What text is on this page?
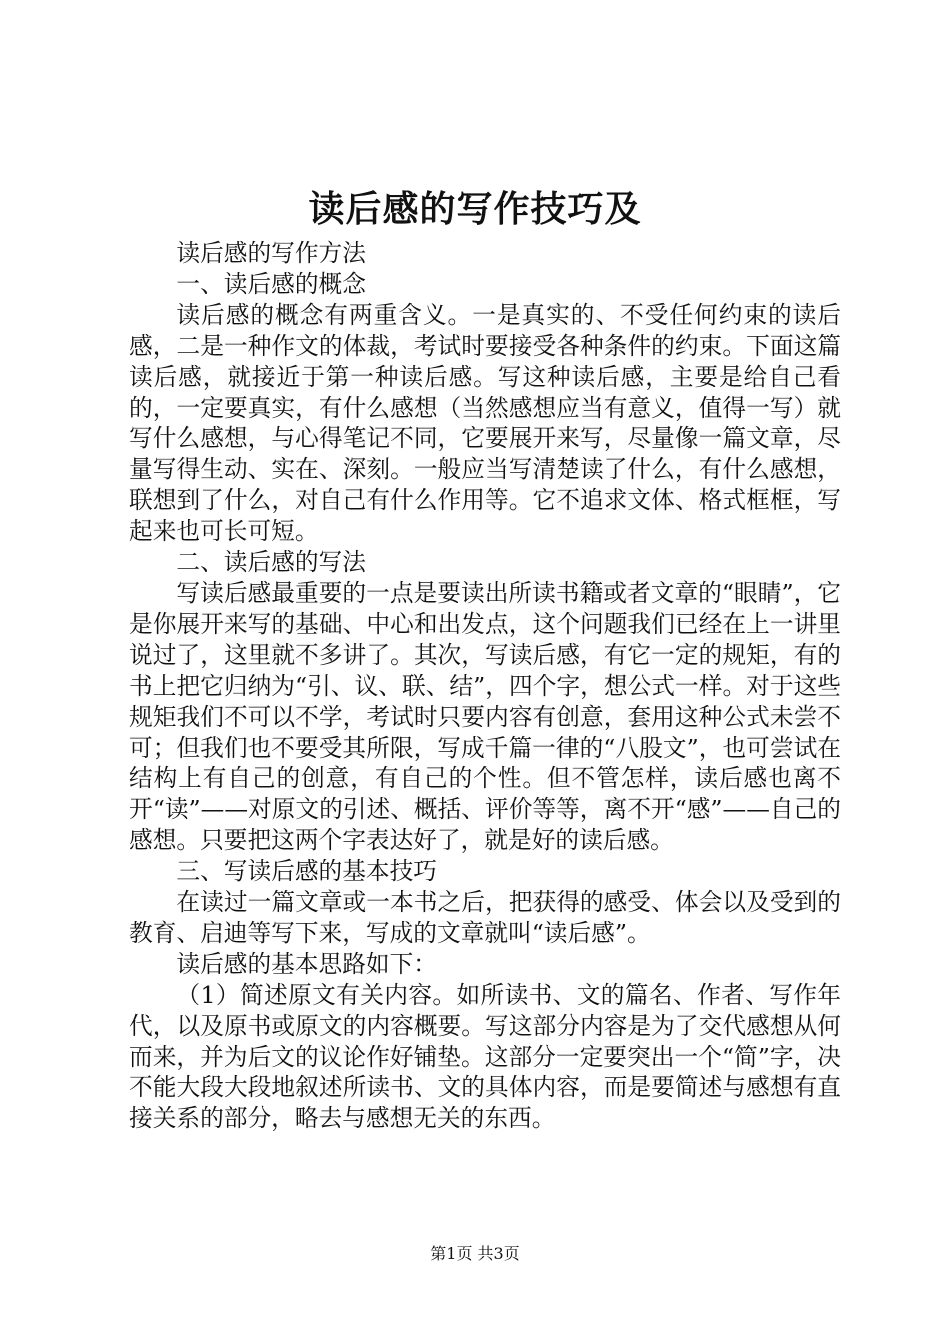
读后感的写作技巧及

读后感的写作方法

一、读后感的概念

读后感的概念有两重含义。一是真实的、不受任何约束的读后感，二是一种作文的体裁，考试时要接受各种条件的约束。下面这篇读后感，就接近于第一种读后感。写这种读后感，主要是给自己看的，一定要真实，有什么感想（当然感想应当有意义，值得一写）就写什么感想，与心得笔记不同，它要展开来写，尽量像一篇文章，尽量写得生动、实在、深刻。一般应当写清楚读了什么，有什么感想，联想到了什么，对自己有什么作用等。它不追求文体、格式框框，写起来也可长可短。

二、读后感的写法

写读后感最重要的一点是要读出所读书籍或者文章的“眼睛”，它是你展开来写的基础、中心和出发点，这个问题我们已经在上一讲里说过了，这里就不多讲了。其次，写读后感，有它一定的规矩，有的书上把它归纳为“引、议、联、结”，四个字，想公式一样。对于这些规矩我们不可以不学，考试时只要内容有创意，套用这种公式未尝不可；但我们也不要受其所限，写成千篇一律的“八股文”，也可尝试在结构上有自己的创意，有自己的个性。但不管怎样，读后感也离不开“读”——对原文的引述、概括、评价等等，离不开“感”——自己的感想。只要把这两个字表达好了，就是好的读后感。

三、写读后感的基本技巧

在读过一篇文章或一本书之后，把获得的感受、体会以及受到的教育、启迪等写下来，写成的文章就叫“读后感”。

读后感的基本思路如下：

（1）简述原文有关内容。如所读书、文的篇名、作者、写作年代，以及原书或原文的内容概要。写这部分内容是为了交代感想从何而来，并为后文的议论作好铺垫。这部分一定要突出一个“简”字，决不能大段大段地叙述所读书、文的具体内容，而是要简述与感想有直接关系的部分，略去与感想无关的东西。

第1页 共3页
